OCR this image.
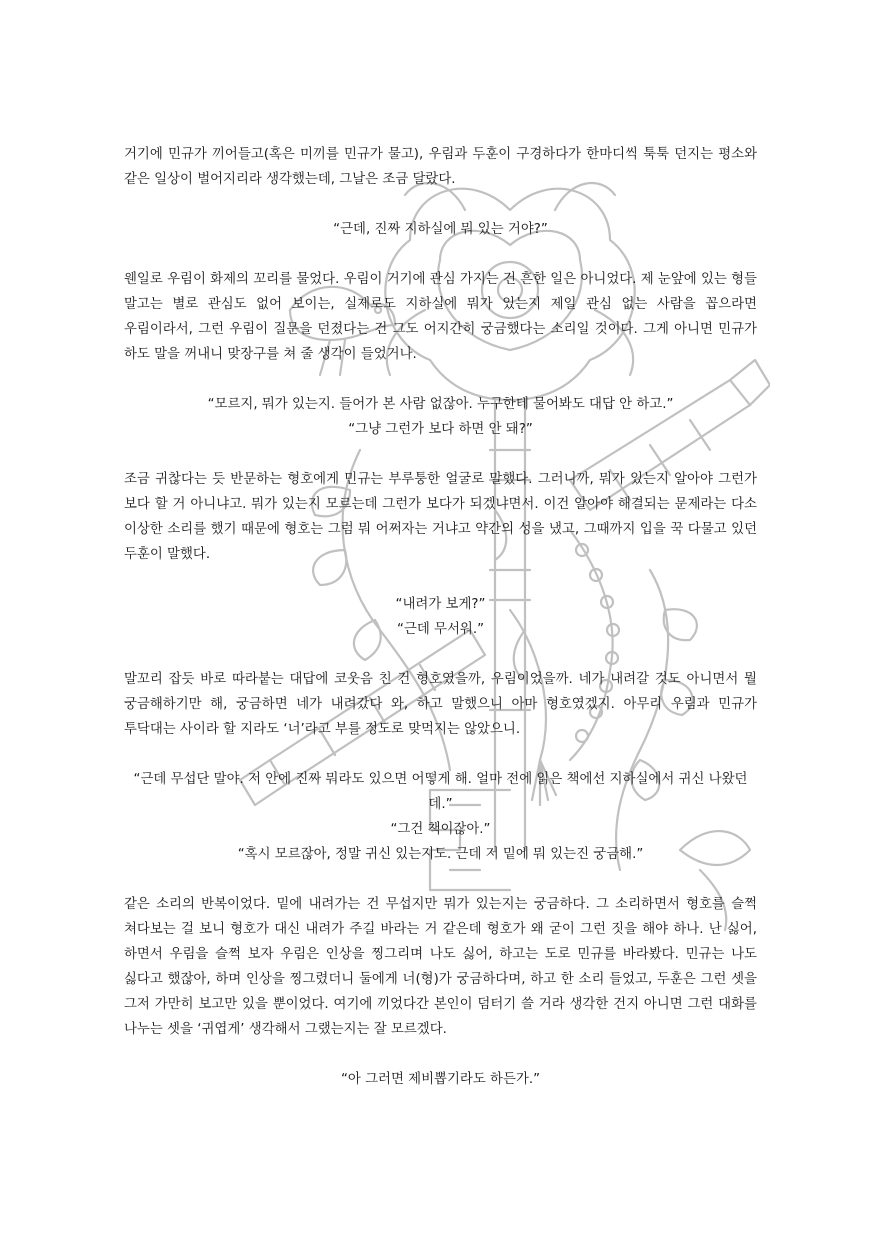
거기에 민규가 끼어들고(혹은 미끼를 민규가 물고), 우림과 두훈이 구경하다가 한마디씩 툭툭 던지는 평소와 같은 일상이 벌어지리라 생각했는데, 그날은 조금 달랐다.

“근데, 진짜 지하실에 뭐 있는 거야?”

웬일로 우림이 화제의 꼬리를 물었다. 우림이 거기에 관심 가지는 건 흔한 일은 아니었다. 제 눈앞에 있는 형들 말고는 별로 관심도 없어 보이는, 실제로도 지하실에 뭐가 있는지 제일 관심 없는 사람을 꼽으라면 우림이라서, 그런 우림이 질문을 던졌다는 건 그도 어지간히 궁금했다는 소리일 것이다. 그게 아니면 민규가 하도 말을 꺼내니 맞장구를 쳐 줄 생각이 들었거나.

“모르지, 뭐가 있는지. 들어가 본 사람 없잖아. 누구한테 물어봐도 대답 안 하고.”

“그냥 그런가 보다 하면 안 돼?”

조금 귀찮다는 듯 반문하는 형호에게 민규는 부루퉁한 얼굴로 말했다. 그러니까, 뭐가 있는지 알아야 그런가 보다 할 거 아니냐고. 뭐가 있는지 모르는데 그런가 보다가 되겠냐면서. 이건 알아야 해결되는 문제라는 다소 이상한 소리를 했기 때문에 형호는 그럼 뭐 어쩌자는 거냐고 약간의 성을 냈고, 그때까지 입을 꾹 다물고 있던 두훈이 말했다.

“내려가 보게?”

“근데 무서워.”

말꼬리 잡듯 바로 따라붙는 대답에 코웃음 친 건 형호였을까, 우림이었을까. 네가 내려갈 것도 아니면서 뭘 궁금해하기만 해, 궁금하면 네가 내려갔다 와, 하고 말했으니 아마 형호였겠지. 아무리 우림과 민규가 투닥대는 사이라 할 지라도 ‘너’라고 부를 정도로 맞먹지는 않았으니.

“근데 무섭단 말야. 저 안에 진짜 뭐라도 있으면 어떻게 해. 얼마 전에 읽은 책에선 지하실에서 귀신 나왔던데.”

“그건 책이잖아.”

“혹시 모르잖아, 정말 귀신 있는지도. 근데 저 밑에 뭐 있는진 궁금해.”

같은 소리의 반복이었다. 밑에 내려가는 건 무섭지만 뭐가 있는지는 궁금하다. 그 소리하면서 형호를 슬쩍 쳐다보는 걸 보니 형호가 대신 내려가 주길 바라는 거 같은데 형호가 왜 굳이 그런 짓을 해야 하나. 난 싫어, 하면서 우림을 슬쩍 보자 우림은 인상을 찡그리며 나도 싫어, 하고는 도로 민규를 바라봤다. 민규는 나도 싫다고 했잖아, 하며 인상을 찡그렸더니 둘에게 너(형)가 궁금하다며, 하고 한 소리 들었고, 두훈은 그런 셋을 그저 가만히 보고만 있을 뿐이었다. 여기에 끼었다간 본인이 덤터기 쓸 거라 생각한 건지 아니면 그런 대화를 나누는 셋을 ‘귀엽게’ 생각해서 그랬는지는 잘 모르겠다.

“아 그러면 제비뽑기라도 하든가.”
